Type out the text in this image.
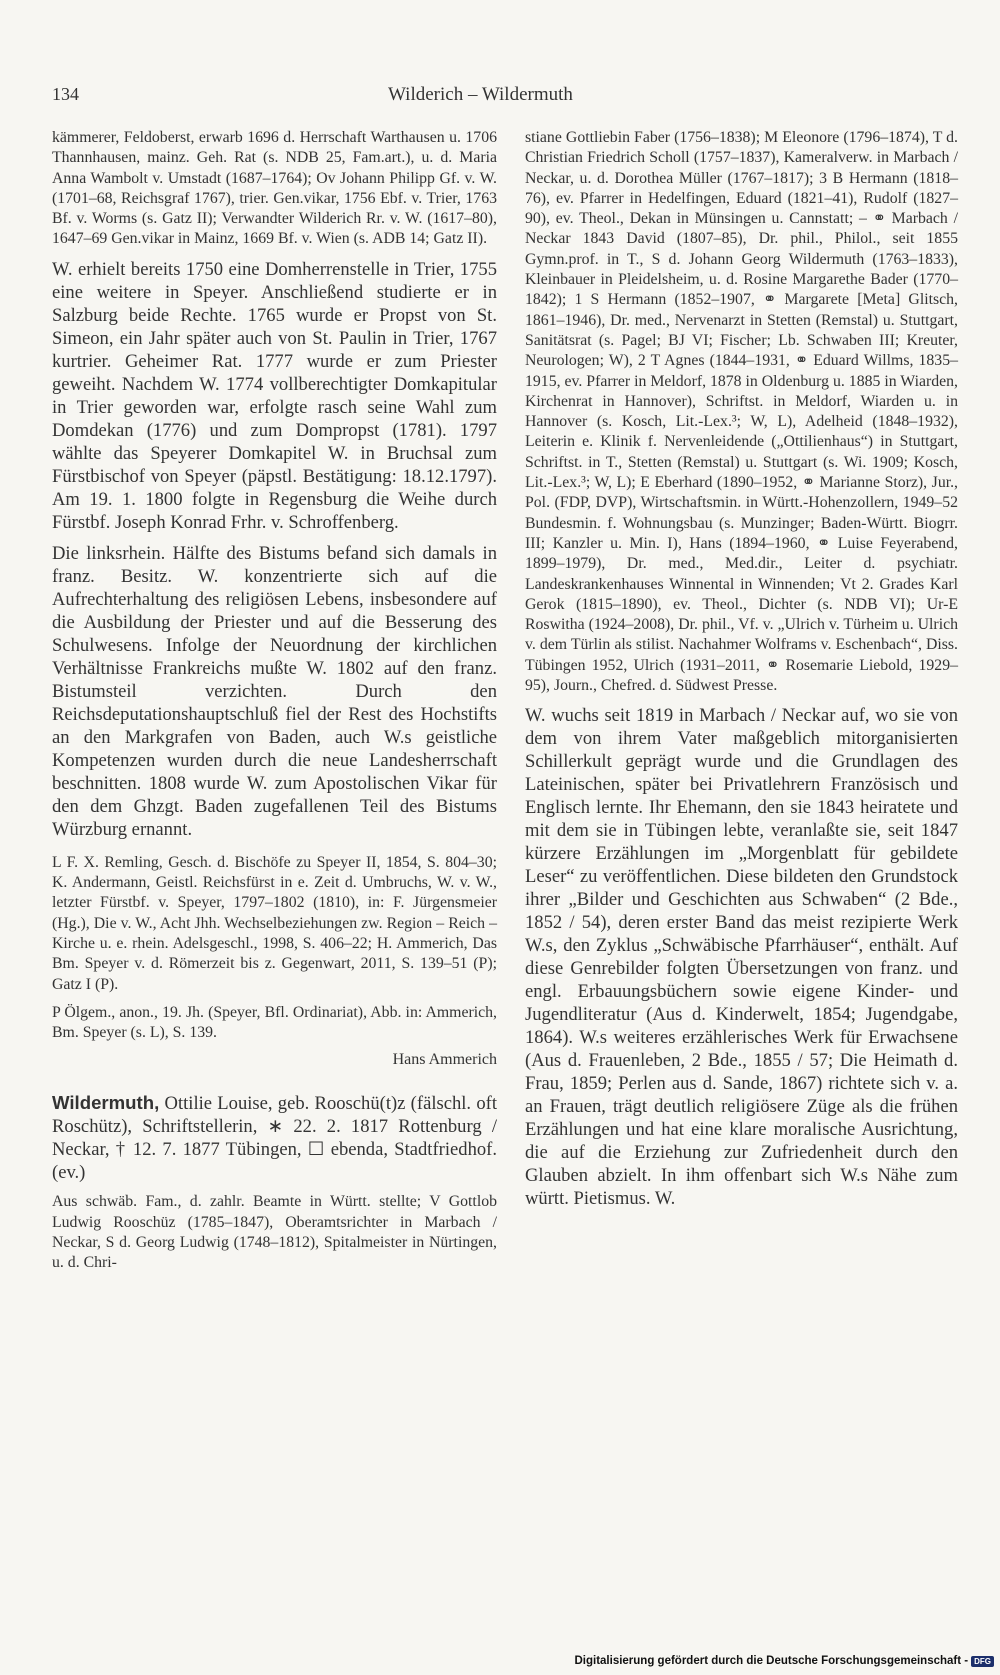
134	Wilderich – Wildermuth

kämmerer, Feldoberst, erwarb 1696 d. Herrschaft Warthausen u. 1706 Thannhausen, mainz. Geh. Rat (s. NDB 25, Fam.art.), u. d. Maria Anna Wambolt v. Umstadt (1687–1764); Ov Johann Philipp Gf. v. W. (1701–68, Reichsgraf 1767), trier. Gen.vikar, 1756 Ebf. v. Trier, 1763 Bf. v. Worms (s. Gatz II); Verwandter Wilderich Rr. v. W. (1617–80), 1647–69 Gen.vikar in Mainz, 1669 Bf. v. Wien (s. ADB 14; Gatz II).

W. erhielt bereits 1750 eine Domherrenstelle in Trier, 1755 eine weitere in Speyer. Anschließend studierte er in Salzburg beide Rechte. 1765 wurde er Propst von St. Simeon, ein Jahr später auch von St. Paulin in Trier, 1767 kurtrier. Geheimer Rat. 1777 wurde er zum Priester geweiht. Nachdem W. 1774 vollberechtigter Domkapitular in Trier geworden war, erfolgte rasch seine Wahl zum Domdekan (1776) und zum Dompropst (1781). 1797 wählte das Speyerer Domkapitel W. in Bruchsal zum Fürstbischof von Speyer (päpstl. Bestätigung: 18.12.1797). Am 19. 1. 1800 folgte in Regensburg die Weihe durch Fürstbf. Joseph Konrad Frhr. v. Schroffenberg.

Die linksrhein. Hälfte des Bistums befand sich damals in franz. Besitz. W. konzentrierte sich auf die Aufrechterhaltung des religiösen Lebens, insbesondere auf die Ausbildung der Priester und auf die Besserung des Schulwesens. Infolge der Neuordnung der kirchlichen Verhältnisse Frankreichs mußte W. 1802 auf den franz. Bistumsteil verzichten. Durch den Reichsdeputationshauptschluß fiel der Rest des Hochstifts an den Markgrafen von Baden, auch W.s geistliche Kompetenzen wurden durch die neue Landesherrschaft beschnitten. 1808 wurde W. zum Apostolischen Vikar für den dem Ghzgt. Baden zugefallenen Teil des Bistums Würzburg ernannt.

L F. X. Remling, Gesch. d. Bischöfe zu Speyer II, 1854, S. 804–30; K. Andermann, Geistl. Reichsfürst in e. Zeit d. Umbruchs, W. v. W., letzter Fürstbf. v. Speyer, 1797–1802 (1810), in: F. Jürgensmeier (Hg.), Die v. W., Acht Jhh. Wechselbeziehungen zw. Region – Reich – Kirche u. e. rhein. Adelsgeschl., 1998, S. 406–22; H. Ammerich, Das Bm. Speyer v. d. Römerzeit bis z. Gegenwart, 2011, S. 139–51 (P); Gatz I (P).

P Ölgem., anon., 19. Jh. (Speyer, Bfl. Ordinariat), Abb. in: Ammerich, Bm. Speyer (s. L), S. 139.

Hans Ammerich

Wildermuth, Ottilie Louise, geb. Rooschü(t)z (fälschl. oft Roschütz), Schriftstellerin, ∗ 22. 2. 1817 Rottenburg / Neckar, † 12. 7. 1877 Tübingen, ☐ ebenda, Stadtfriedhof. (ev.)

Aus schwäb. Fam., d. zahlr. Beamte in Württ. stellte; V Gottlob Ludwig Rooschüz (1785–1847), Oberamtsrichter in Marbach / Neckar, S d. Georg Ludwig (1748–1812), Spitalmeister in Nürtingen, u. d. Chri-

stiane Gottliebin Faber (1756–1838); M Eleonore (1796–1874), T d. Christian Friedrich Scholl (1757–1837), Kameralverw. in Marbach / Neckar, u. d. Dorothea Müller (1767–1817); 3 B Hermann (1818–76), ev. Pfarrer in Hedelfingen, Eduard (1821–41), Rudolf (1827–90), ev. Theol., Dekan in Münsingen u. Cannstatt; – ⚭ Marbach / Neckar 1843 David (1807–85), Dr. phil., Philol., seit 1855 Gymn.prof. in T., S d. Johann Georg Wildermuth (1763–1833), Kleinbauer in Pleidelsheim, u. d. Rosine Margarethe Bader (1770–1842); 1 S Hermann (1852–1907, ⚭ Margarete [Meta] Glitsch, 1861–1946), Dr. med., Nervenarzt in Stetten (Remstal) u. Stuttgart, Sanitätsrat (s. Pagel; BJ VI; Fischer; Lb. Schwaben III; Kreuter, Neurologen; W), 2 T Agnes (1844–1931, ⚭ Eduard Willms, 1835–1915, ev. Pfarrer in Meldorf, 1878 in Oldenburg u. 1885 in Wiarden, Kirchenrat in Hannover), Schriftst. in Meldorf, Wiarden u. in Hannover (s. Kosch, Lit.-Lex.³; W, L), Adelheid (1848–1932), Leiterin e. Klinik f. Nervenleidende („Ottilienhaus“) in Stuttgart, Schriftst. in T., Stetten (Remstal) u. Stuttgart (s. Wi. 1909; Kosch, Lit.-Lex.³; W, L); E Eberhard (1890–1952, ⚭ Marianne Storz), Jur., Pol. (FDP, DVP), Wirtschaftsmin. in Württ.-Hohenzollern, 1949–52 Bundesmin. f. Wohnungsbau (s. Munzinger; Baden-Württ. Biogrr. III; Kanzler u. Min. I), Hans (1894–1960, ⚭ Luise Feyerabend, 1899–1979), Dr. med., Med.dir., Leiter d. psychiatr. Landeskrankenhauses Winnental in Winnenden; Vt 2. Grades Karl Gerok (1815–1890), ev. Theol., Dichter (s. NDB VI); Ur-E Roswitha (1924–2008), Dr. phil., Vf. v. „Ulrich v. Türheim u. Ulrich v. dem Türlin als stilist. Nachahmer Wolframs v. Eschenbach“, Diss. Tübingen 1952, Ulrich (1931–2011, ⚭ Rosemarie Liebold, 1929–95), Journ., Chefred. d. Südwest Presse.

W. wuchs seit 1819 in Marbach / Neckar auf, wo sie von dem von ihrem Vater maßgeblich mitorganisierten Schillerkult geprägt wurde und die Grundlagen des Lateinischen, später bei Privatlehrern Französisch und Englisch lernte. Ihr Ehemann, den sie 1843 heiratete und mit dem sie in Tübingen lebte, veranlaßte sie, seit 1847 kürzere Erzählungen im „Morgenblatt für gebildete Leser“ zu veröffentlichen. Diese bildeten den Grundstock ihrer „Bilder und Geschichten aus Schwaben“ (2 Bde., 1852 / 54), deren erster Band das meist rezipierte Werk W.s, den Zyklus „Schwäbische Pfarrhäuser“, enthält. Auf diese Genrebilder folgten Übersetzungen von franz. und engl. Erbauungsbüchern sowie eigene Kinder- und Jugendliteratur (Aus d. Kinderwelt, 1854; Jugendgabe, 1864). W.s weiteres erzählerisches Werk für Erwachsene (Aus d. Frauenleben, 2 Bde., 1855 / 57; Die Heimath d. Frau, 1859; Perlen aus d. Sande, 1867) richtete sich v. a. an Frauen, trägt deutlich religiösere Züge als die frühen Erzählungen und hat eine klare moralische Ausrichtung, die auf die Erziehung zur Zufriedenheit durch den Glauben abzielt. In ihm offenbart sich W.s Nähe zum württ. Pietismus. W.

Digitalisierung gefördert durch die Deutsche Forschungsgemeinschaft - DFG
